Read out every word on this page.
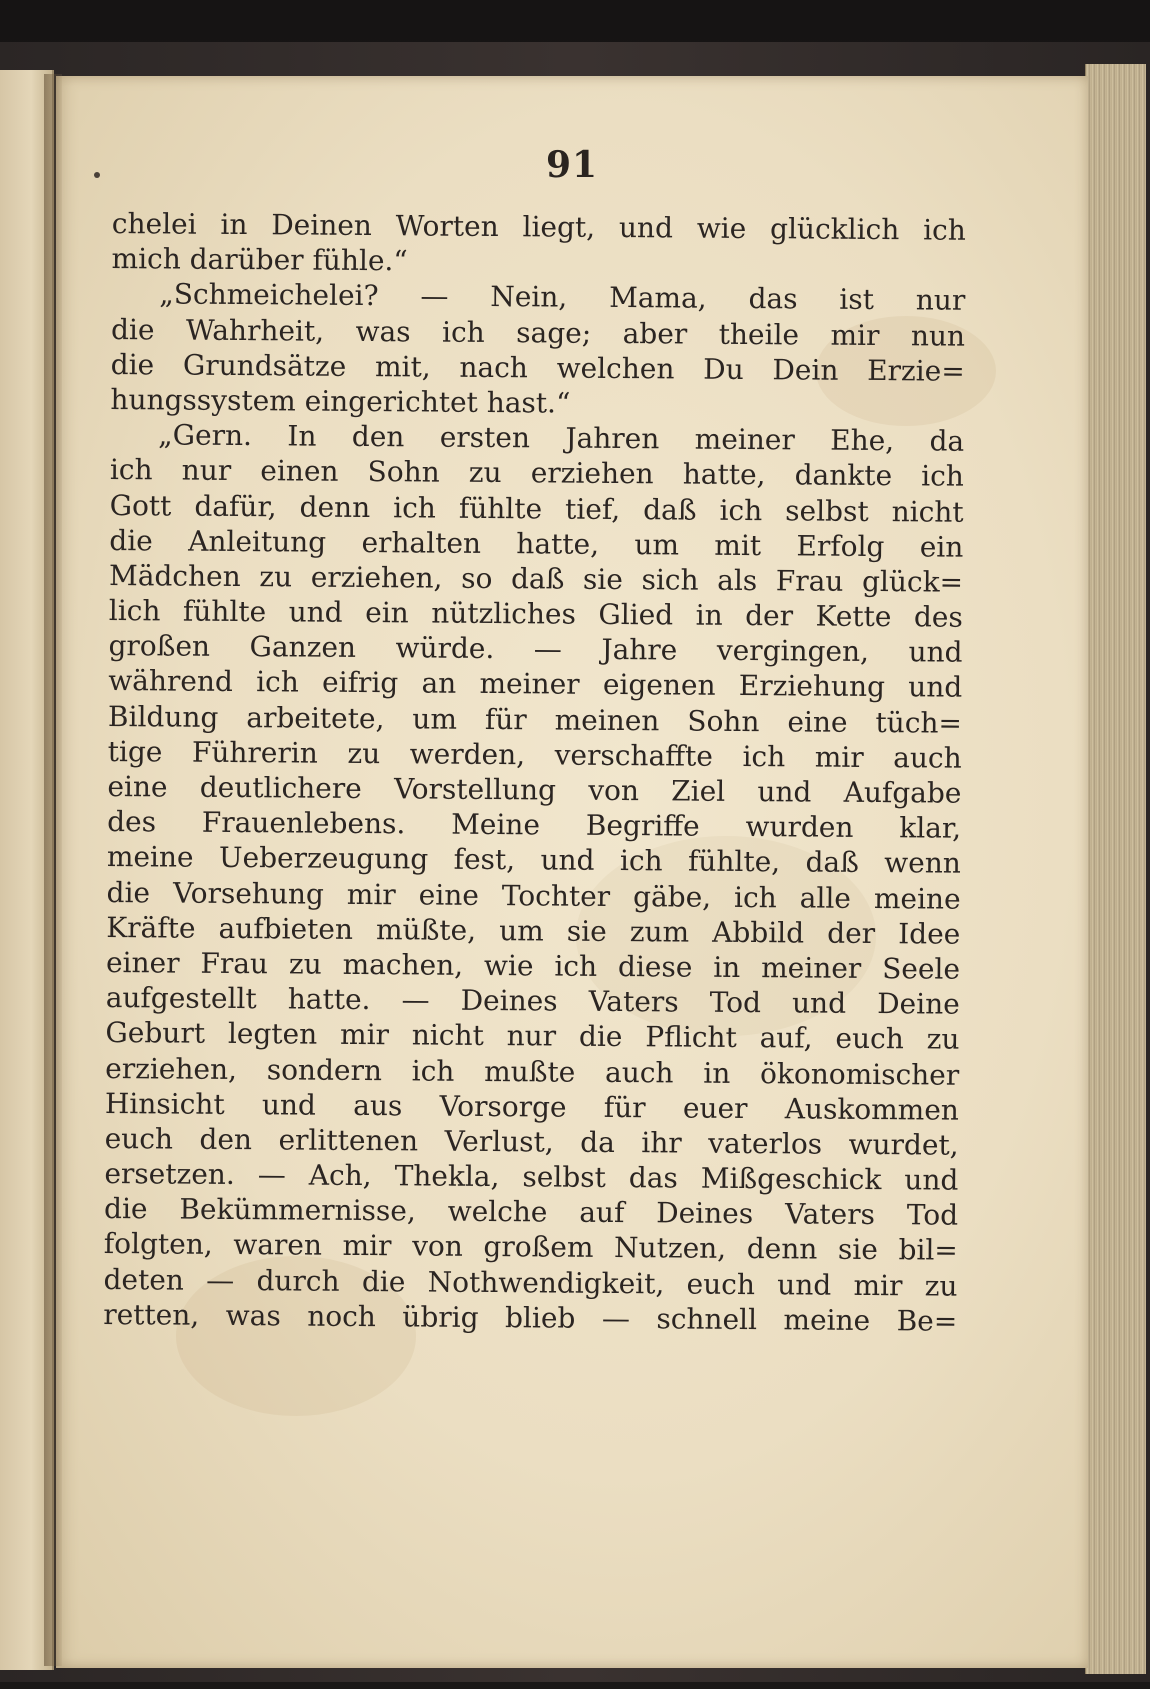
91
chelei in Deinen Worten liegt, und wie glücklich ich
mich darüber fühle.“
„Schmeichelei? — Nein, Mama, das ist nur
die Wahrheit, was ich sage; aber theile mir nun
die Grundsätze mit, nach welchen Du Dein Erzie=
hungssystem eingerichtet hast.“
„Gern. In den ersten Jahren meiner Ehe, da
ich nur einen Sohn zu erziehen hatte, dankte ich
Gott dafür, denn ich fühlte tief, daß ich selbst nicht
die Anleitung erhalten hatte, um mit Erfolg ein
Mädchen zu erziehen, so daß sie sich als Frau glück=
lich fühlte und ein nützliches Glied in der Kette des
großen Ganzen würde. — Jahre vergingen, und
während ich eifrig an meiner eigenen Erziehung und
Bildung arbeitete, um für meinen Sohn eine tüch=
tige Führerin zu werden, verschaffte ich mir auch
eine deutlichere Vorstellung von Ziel und Aufgabe
des Frauenlebens. Meine Begriffe wurden klar,
meine Ueberzeugung fest, und ich fühlte, daß wenn
die Vorsehung mir eine Tochter gäbe, ich alle meine
Kräfte aufbieten müßte, um sie zum Abbild der Idee
einer Frau zu machen, wie ich diese in meiner Seele
aufgestellt hatte. — Deines Vaters Tod und Deine
Geburt legten mir nicht nur die Pflicht auf, euch zu
erziehen, sondern ich mußte auch in ökonomischer
Hinsicht und aus Vorsorge für euer Auskommen
euch den erlittenen Verlust, da ihr vaterlos wurdet,
ersetzen. — Ach, Thekla, selbst das Mißgeschick und
die Bekümmernisse, welche auf Deines Vaters Tod
folgten, waren mir von großem Nutzen, denn sie bil=
deten — durch die Nothwendigkeit, euch und mir zu
retten, was noch übrig blieb — schnell meine Be=
